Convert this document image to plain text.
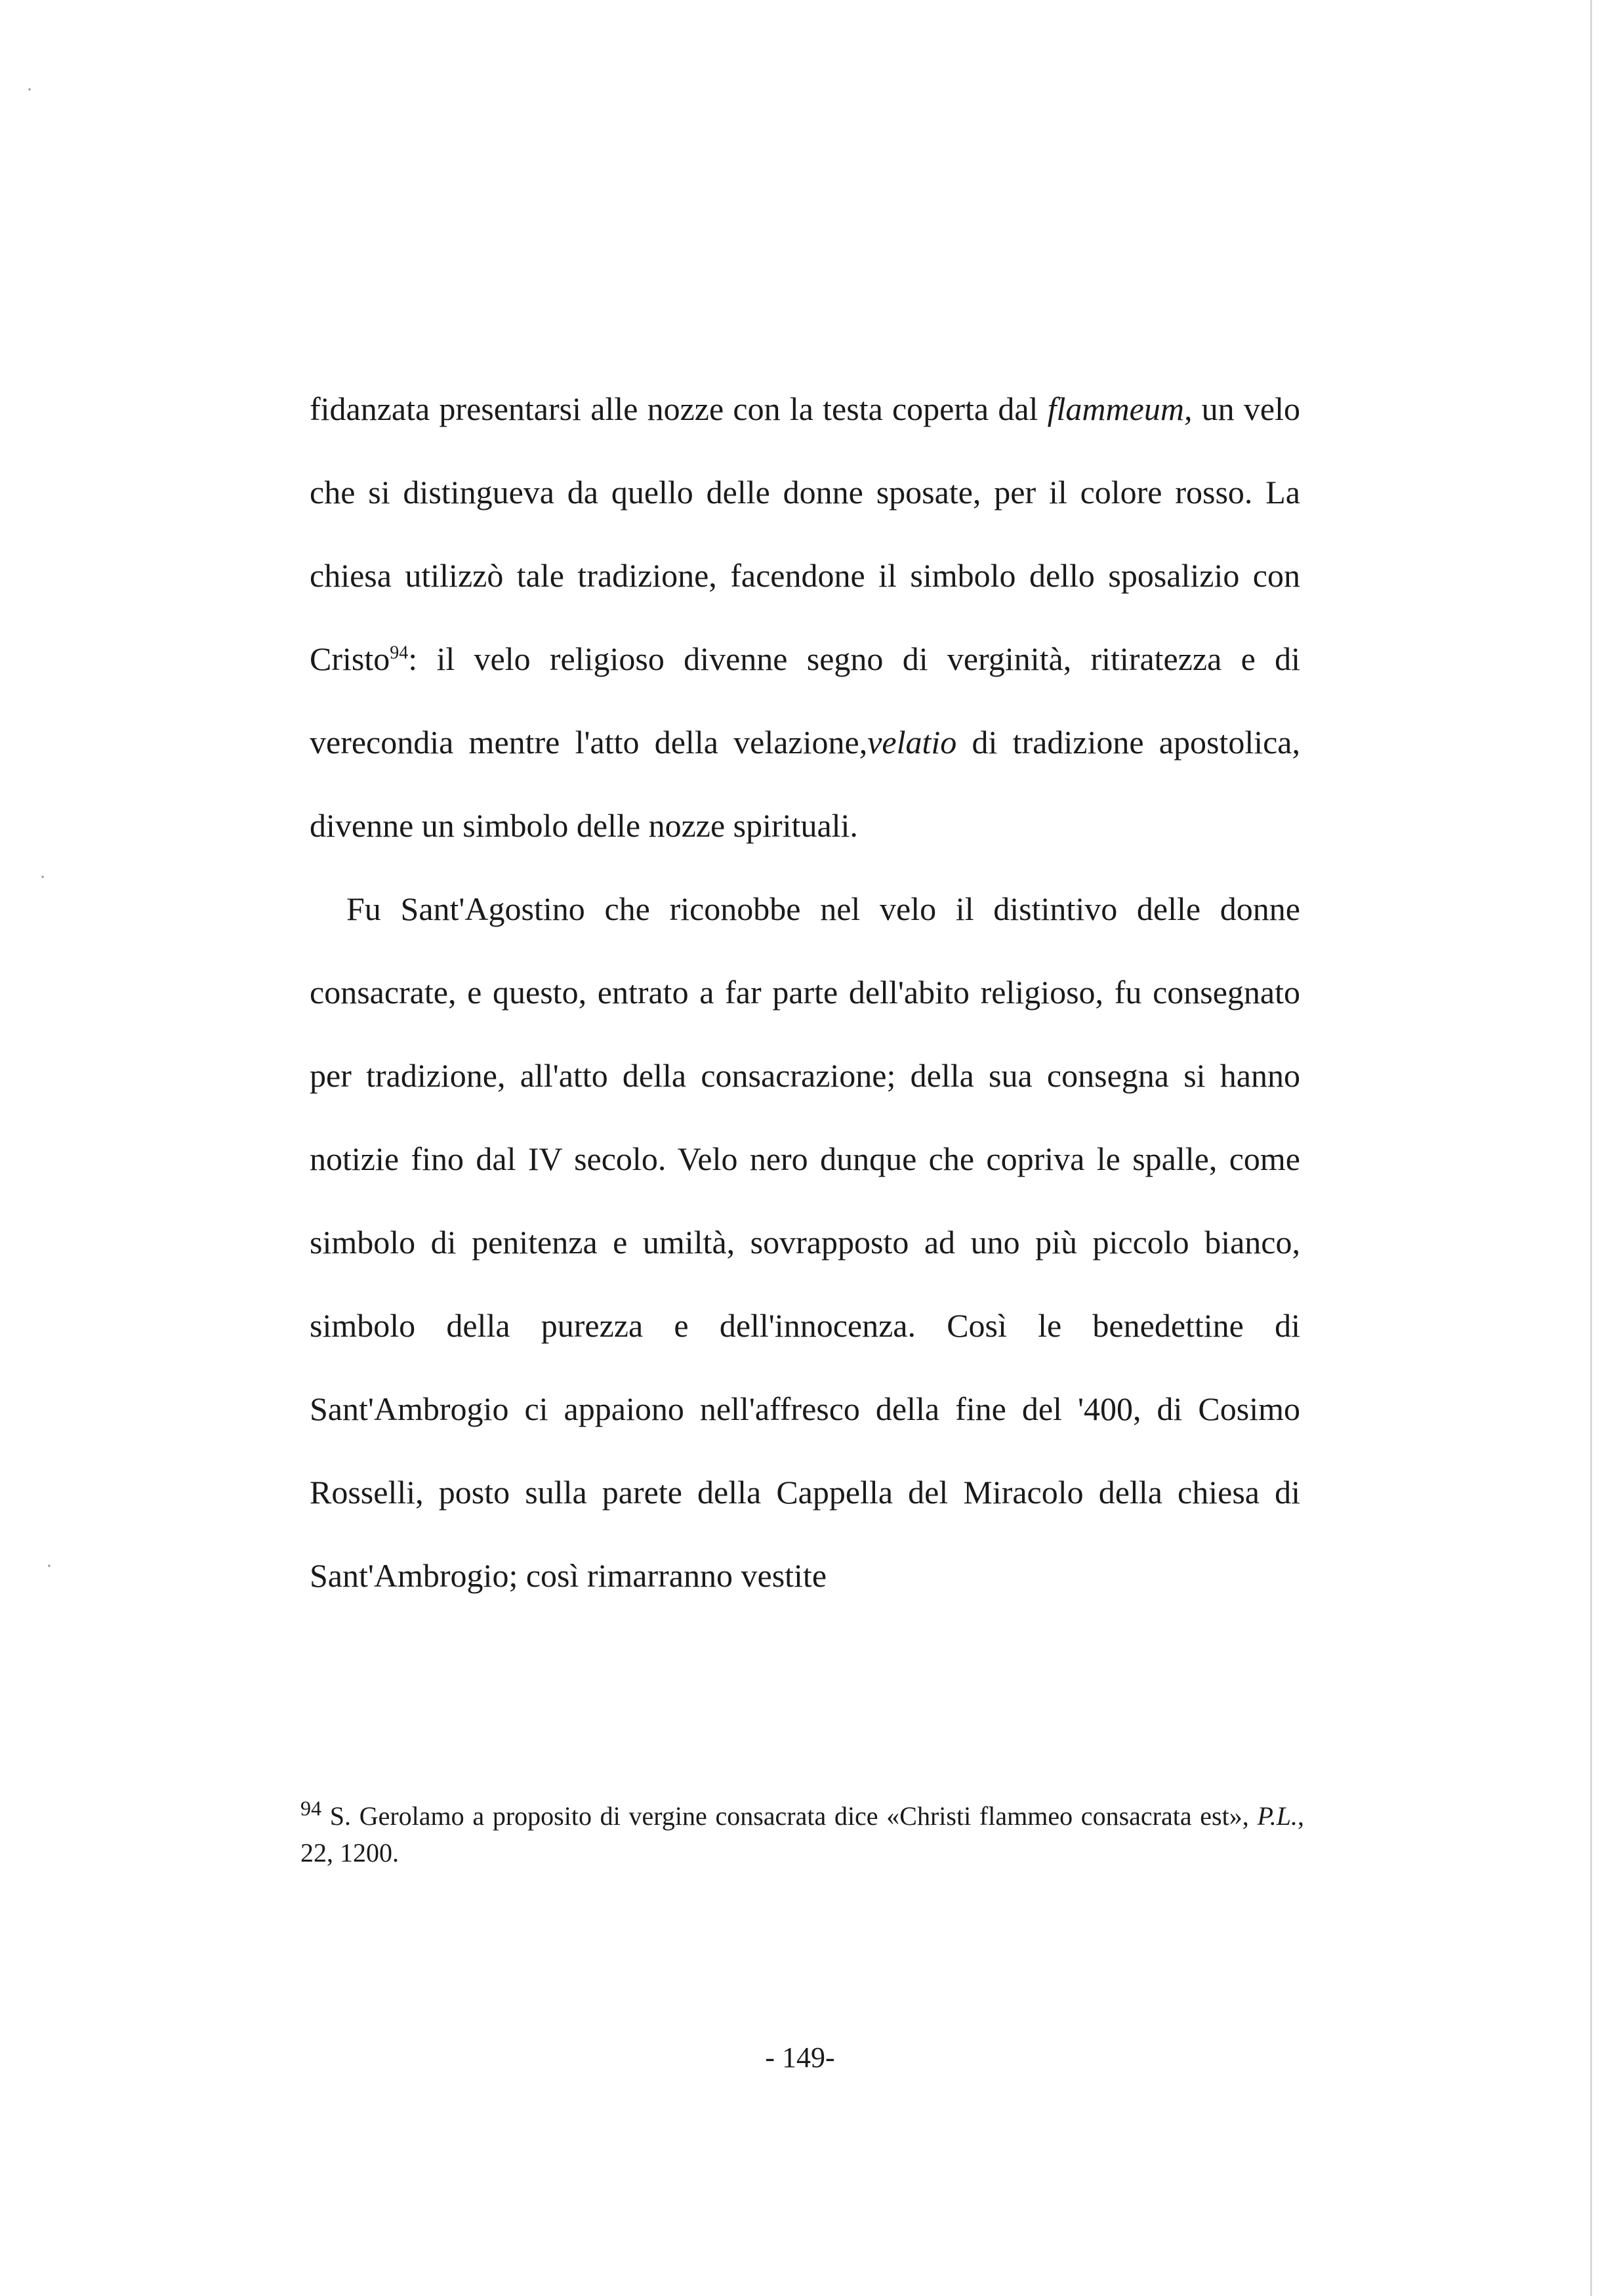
·
·
·

fidanzata presentarsi alle nozze con la testa coperta dal flammeum, un velo che si distingueva da quello delle donne sposate, per il colore rosso. La chiesa utilizzò tale tradizione, facendone il simbolo dello sposalizio con Cristo$^{94}$: il velo religioso divenne segno di verginità, ritiratezza e di verecondia mentre l'atto della velazione,velatio di tradizione apostolica, divenne un simbolo delle nozze spirituali.

Fu Sant'Agostino che riconobbe nel velo il distintivo delle donne consacrate, e questo, entrato a far parte dell'abito religioso, fu consegnato per tradizione, all'atto della consacrazione; della sua consegna si hanno notizie fino dal IV secolo. Velo nero dunque che copriva le spalle, come simbolo di penitenza e umiltà, sovrapposto ad uno più piccolo bianco, simbolo della purezza e dell'innocenza. Così le benedettine di Sant'Ambrogio ci appaiono nell'affresco della fine del '400, di Cosimo Rosselli, posto sulla parete della Cappella del Miracolo della chiesa di Sant'Ambrogio; così rimarranno vestite

$^{94}$ S. Gerolamo a proposito di vergine consacrata dice «Christi flammeo consacrata est», P.L., 22, 1200.
- 149-
